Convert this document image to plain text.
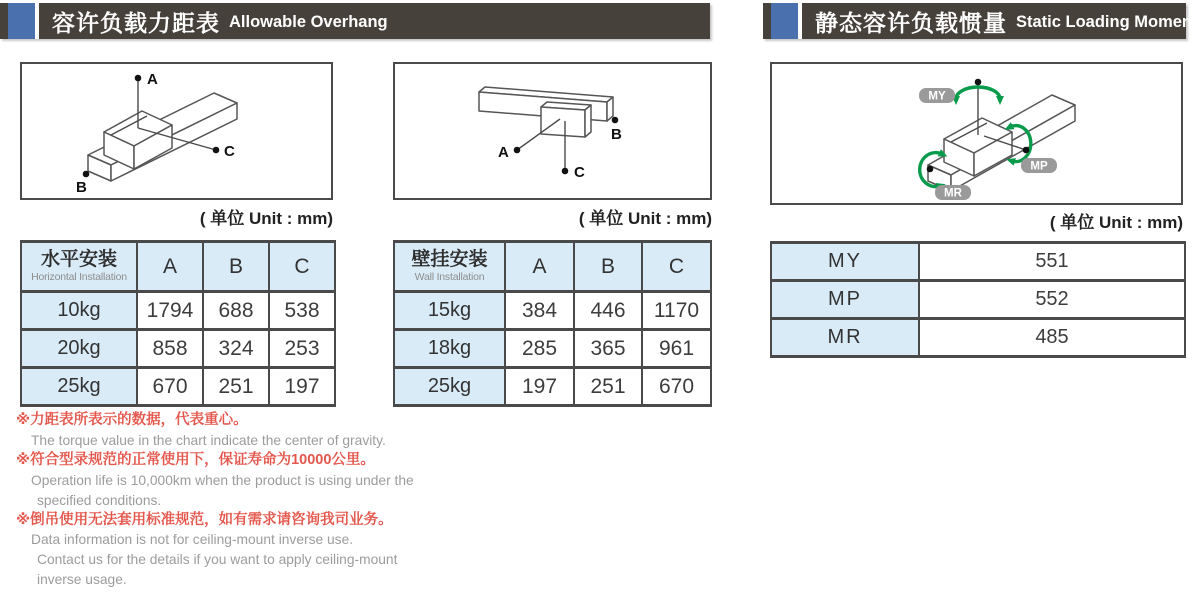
容许负载力距表 Allowable Overhang	静态容许负载惯量 Static Loading Moment
A
B
C	A
B
C
MY
MP
MR
( 单位 Unit : mm)	( 单位 Unit : mm)	( 单位 Unit : mm)
水平安装
Horizontal Installation	A	B	C
10kg	1794	688	538
20kg	858	324	253
25kg	670	251	197
壁挂安装
Wall Installation	A	B	C
15kg	384	446	1170
18kg	285	365	961
25kg	197	251	670
MY	551
MP	552
MR	485
※力距表所表示的数据，代表重心。
The torque value in the chart indicate the center of gravity.
※符合型录规范的正常使用下，保证寿命为10000公里。
Operation life is 10,000km when the product is using under the
specified conditions.
※倒吊使用无法套用标准规范，如有需求请咨询我司业务。
Data information is not for ceiling-mount inverse use.
Contact us for the details if you want to apply ceiling-mount
inverse usage.
